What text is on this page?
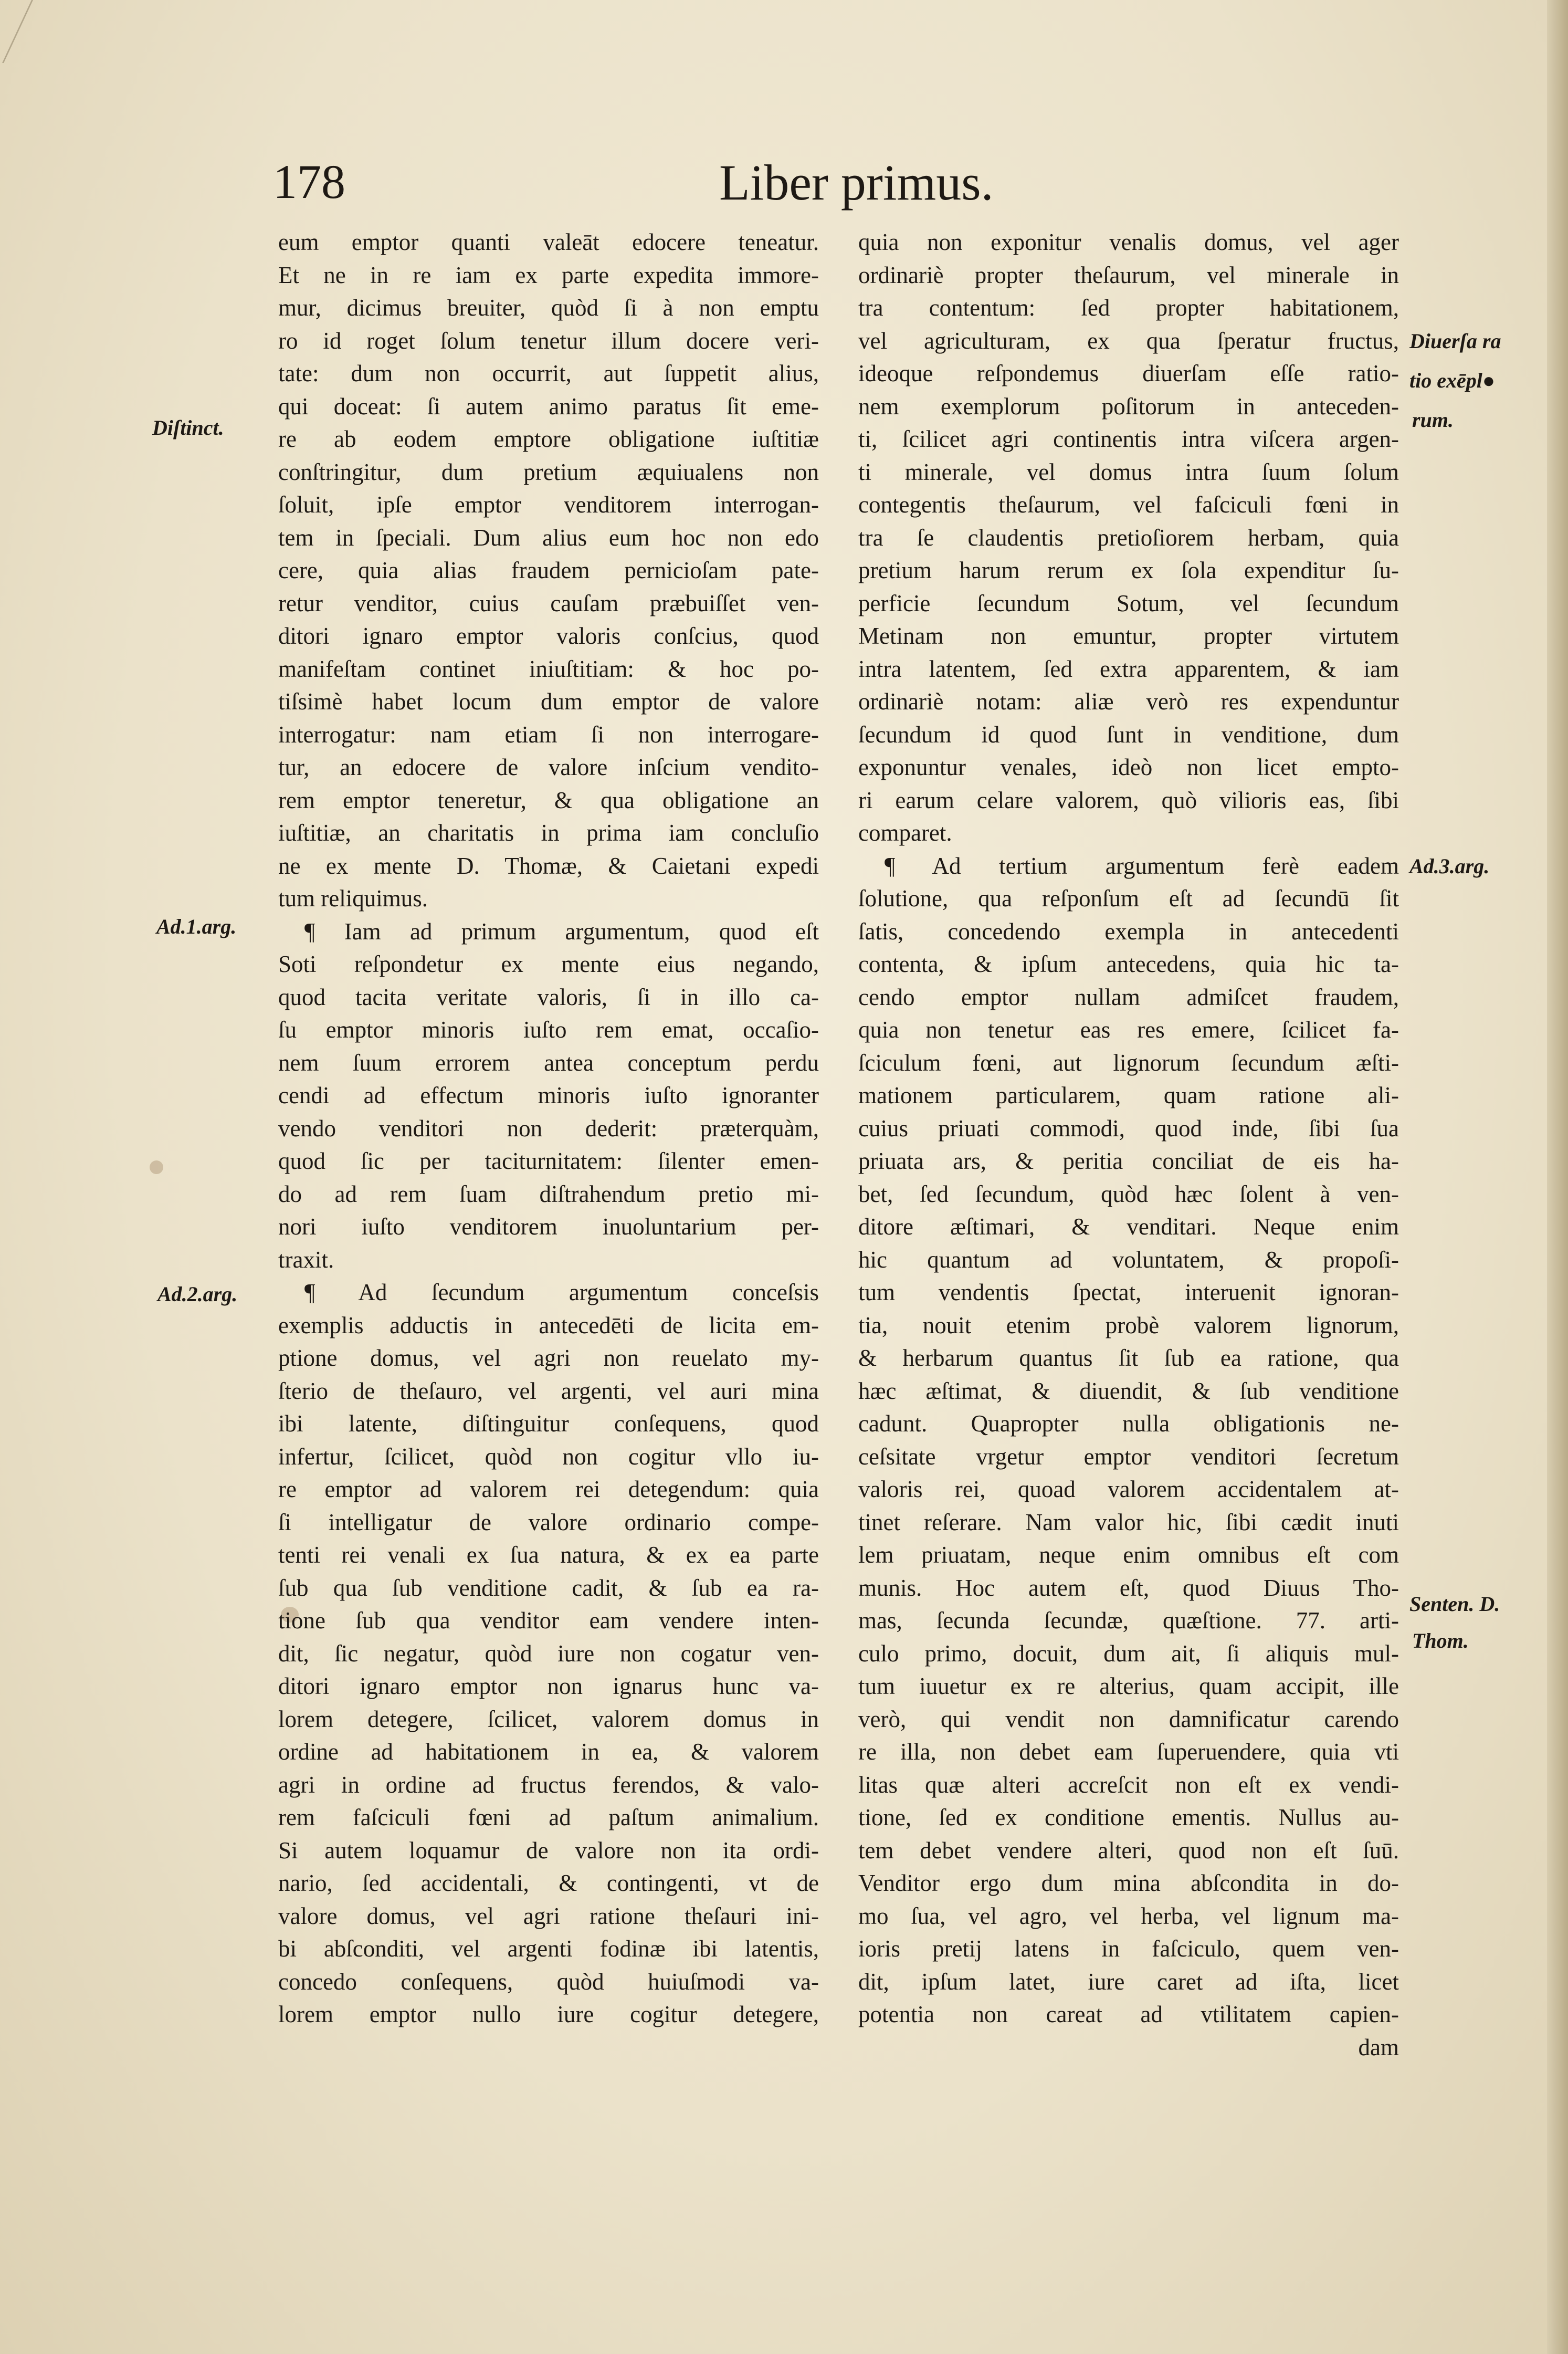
178	Liber primus.
Diſtinct.
Ad.1.arg.
Ad.2.arg.
Diuerſa ra
tio exēpl●
rum.
Ad.3.arg.
Senten. D.
Thom.
eum emptor quanti valeāt edocere teneatur.
Et ne in re iam ex parte expedita immore-
mur, dicimus breuiter, quòd ſi à non emptu
ro id roget ſolum tenetur illum docere veri-
tate: dum non occurrit, aut ſuppetit alius,
qui doceat: ſi autem animo paratus ſit eme-
re ab eodem emptore obligatione iuſtitiæ
conſtringitur, dum pretium æquiualens non
ſoluit, ipſe emptor venditorem interrogan-
tem in ſpeciali. Dum alius eum hoc non edo
cere, quia alias fraudem pernicioſam pate-
retur venditor, cuius cauſam præbuiſſet ven-
ditori ignaro emptor valoris conſcius, quod
manifeſtam continet iniuſtitiam: & hoc po-
tiſsimè habet locum dum emptor de valore
interrogatur: nam etiam ſi non interrogare-
tur, an edocere de valore inſcium vendito-
rem emptor teneretur, & qua obligatione an
iuſtitiæ, an charitatis in prima iam concluſio
ne ex mente D. Thomæ, & Caietani expedi
tum reliquimus.
¶ Iam ad primum argumentum, quod eſt
Soti reſpondetur ex mente eius negando,
quod tacita veritate valoris, ſi in illo ca-
ſu emptor minoris iuſto rem emat, occaſio-
nem ſuum errorem antea conceptum perdu
cendi ad effectum minoris iuſto ignoranter
vendo venditori non dederit: præterquàm,
quod ſic per taciturnitatem: ſilenter emen-
do ad rem ſuam diſtrahendum pretio mi-
nori iuſto venditorem inuoluntarium per-
traxit.
¶ Ad ſecundum argumentum conceſsis
exemplis adductis in antecedēti de licita em-
ptione domus, vel agri non reuelato my-
ſterio de theſauro, vel argenti, vel auri mina
ibi latente, diſtinguitur conſequens, quod
infertur, ſcilicet, quòd non cogitur vllo iu-
re emptor ad valorem rei detegendum: quia
ſi intelligatur de valore ordinario compe-
tenti rei venali ex ſua natura, & ex ea parte
ſub qua ſub venditione cadit, & ſub ea ra-
tione ſub qua venditor eam vendere inten-
dit, ſic negatur, quòd iure non cogatur ven-
ditori ignaro emptor non ignarus hunc va-
lorem detegere, ſcilicet, valorem domus in
ordine ad habitationem in ea, & valorem
agri in ordine ad fructus ferendos, & valo-
rem faſciculi fœni ad paſtum animalium.
Si autem loquamur de valore non ita ordi-
nario, ſed accidentali, & contingenti, vt de
valore domus, vel agri ratione theſauri ini-
bi abſconditi, vel argenti fodinæ ibi latentis,
concedo conſequens, quòd huiuſmodi va-
lorem emptor nullo iure cogitur detegere,
quia non exponitur venalis domus, vel ager
ordinariè propter theſaurum, vel minerale in
tra contentum: ſed propter habitationem,
vel agriculturam, ex qua ſperatur fructus,
ideoque reſpondemus diuerſam eſſe ratio-
nem exemplorum poſitorum in anteceden-
ti, ſcilicet agri continentis intra viſcera argen-
ti minerale, vel domus intra ſuum ſolum
contegentis theſaurum, vel faſciculi fœni in
tra ſe claudentis pretioſiorem herbam, quia
pretium harum rerum ex ſola expenditur ſu-
perficie ſecundum Sotum, vel ſecundum
Metinam non emuntur, propter virtutem
intra latentem, ſed extra apparentem, & iam
ordinariè notam: aliæ verò res expenduntur
ſecundum id quod ſunt in venditione, dum
exponuntur venales, ideò non licet empto-
ri earum celare valorem, quò vilioris eas, ſibi
comparet.
¶ Ad tertium argumentum ferè eadem
ſolutione, qua reſponſum eſt ad ſecundū ſit
ſatis, concedendo exempla in antecedenti
contenta, & ipſum antecedens, quia hic ta-
cendo emptor nullam admiſcet fraudem,
quia non tenetur eas res emere, ſcilicet fa-
ſciculum fœni, aut lignorum ſecundum æſti-
mationem particularem, quam ratione ali-
cuius priuati commodi, quod inde, ſibi ſua
priuata ars, & peritia conciliat de eis ha-
bet, ſed ſecundum, quòd hæc ſolent à ven-
ditore æſtimari, & venditari. Neque enim
hic quantum ad voluntatem, & propoſi-
tum vendentis ſpectat, interuenit ignoran-
tia, nouit etenim probè valorem lignorum,
& herbarum quantus ſit ſub ea ratione, qua
hæc æſtimat, & diuendit, & ſub venditione
cadunt. Quapropter nulla obligationis ne-
ceſsitate vrgetur emptor venditori ſecretum
valoris rei, quoad valorem accidentalem at-
tinet reſerare. Nam valor hic, ſibi cædit inuti
lem priuatam, neque enim omnibus eſt com
munis. Hoc autem eſt, quod Diuus Tho-
mas, ſecunda ſecundæ, quæſtione. 77. arti-
culo primo, docuit, dum ait, ſi aliquis mul-
tum iuuetur ex re alterius, quam accipit, ille
verò, qui vendit non damnificatur carendo
re illa, non debet eam ſuperuendere, quia vti
litas quæ alteri accreſcit non eſt ex vendi-
tione, ſed ex conditione ementis. Nullus au-
tem debet vendere alteri, quod non eſt ſuū.
Venditor ergo dum mina abſcondita in do-
mo ſua, vel agro, vel herba, vel lignum ma-
ioris pretij latens in faſciculo, quem ven-
dit, ipſum latet, iure caret ad iſta, licet
potentia non careat ad vtilitatem capien-
dam
